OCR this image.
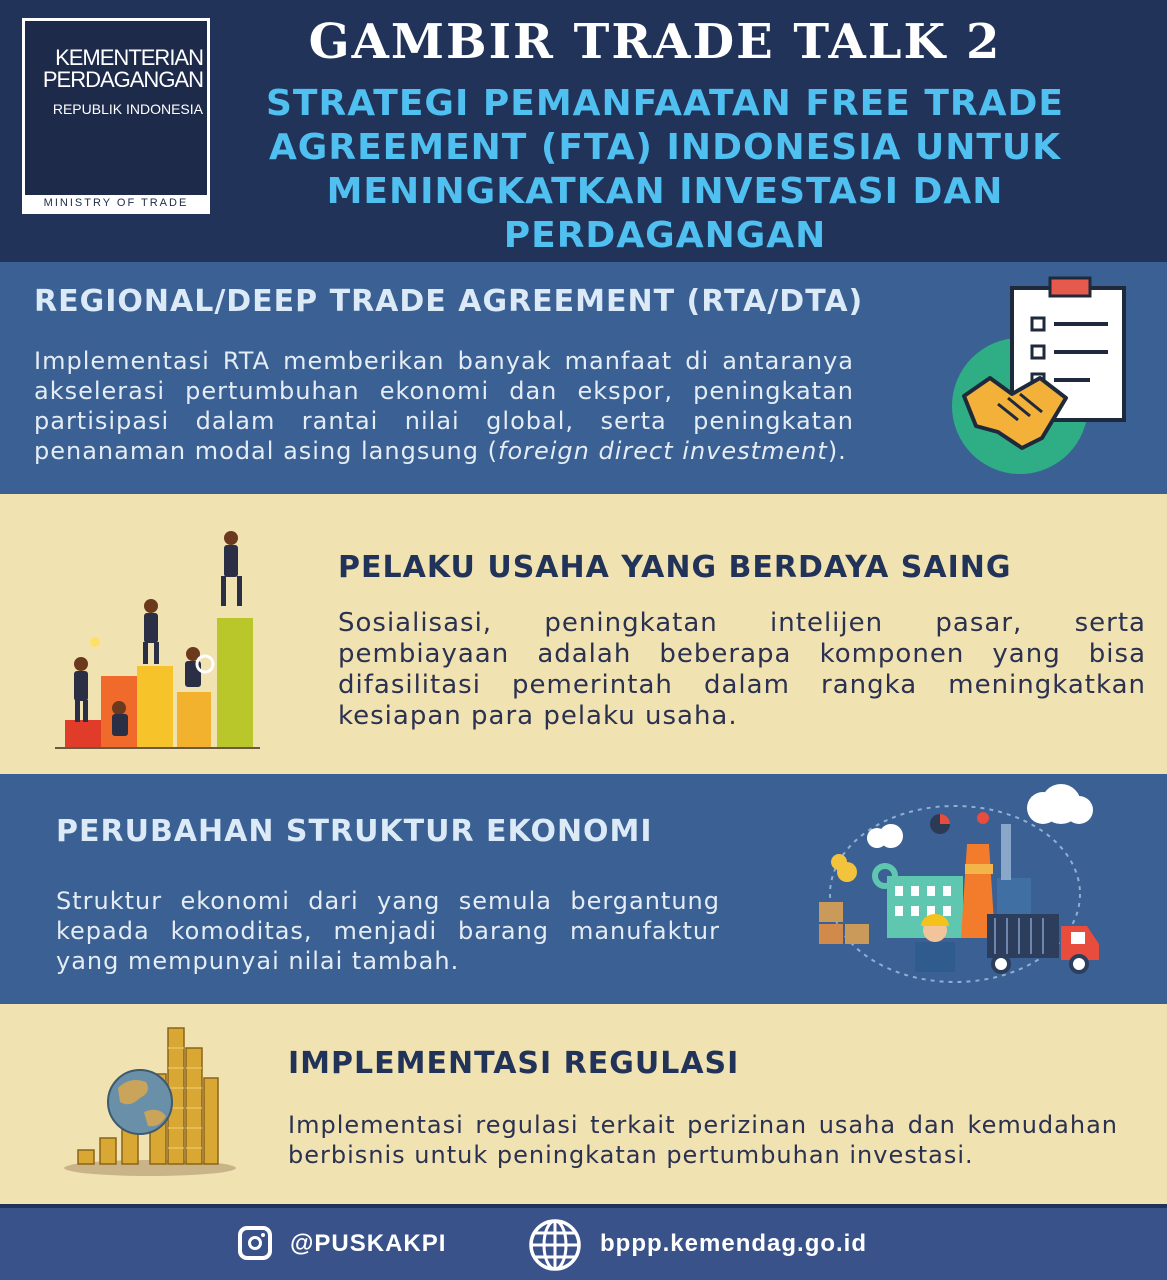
KEMENTERIAN
PERDAGANGAN
REPUBLIK INDONESIA
MINISTRY OF TRADE
GAMBIR TRADE TALK 2
STRATEGI PEMANFAATAN FREE TRADE AGREEMENT (FTA) INDONESIA UNTUK MENINGKATKAN INVESTASI DAN PERDAGANGAN
REGIONAL/DEEP TRADE AGREEMENT (RTA/DTA)
Implementasi RTA memberikan banyak manfaat di antaranya akselerasi pertumbuhan ekonomi dan ekspor, peningkatan partisipasi dalam rantai nilai global, serta peningkatan penanaman modal asing langsung (foreign direct investment).
PELAKU USAHA YANG BERDAYA SAING
Sosialisasi, peningkatan intelijen pasar, serta pembiayaan adalah beberapa komponen yang bisa difasilitasi pemerintah dalam rangka meningkatkan kesiapan para pelaku usaha.
PERUBAHAN STRUKTUR EKONOMI
Struktur ekonomi dari yang semula bergantung kepada komoditas, menjadi barang manufaktur yang mempunyai nilai tambah.
IMPLEMENTASI REGULASI
Implementasi regulasi terkait perizinan usaha dan kemudahan berbisnis untuk peningkatan pertumbuhan investasi.
@PUSKAKPI	bppp.kemendag.go.id
